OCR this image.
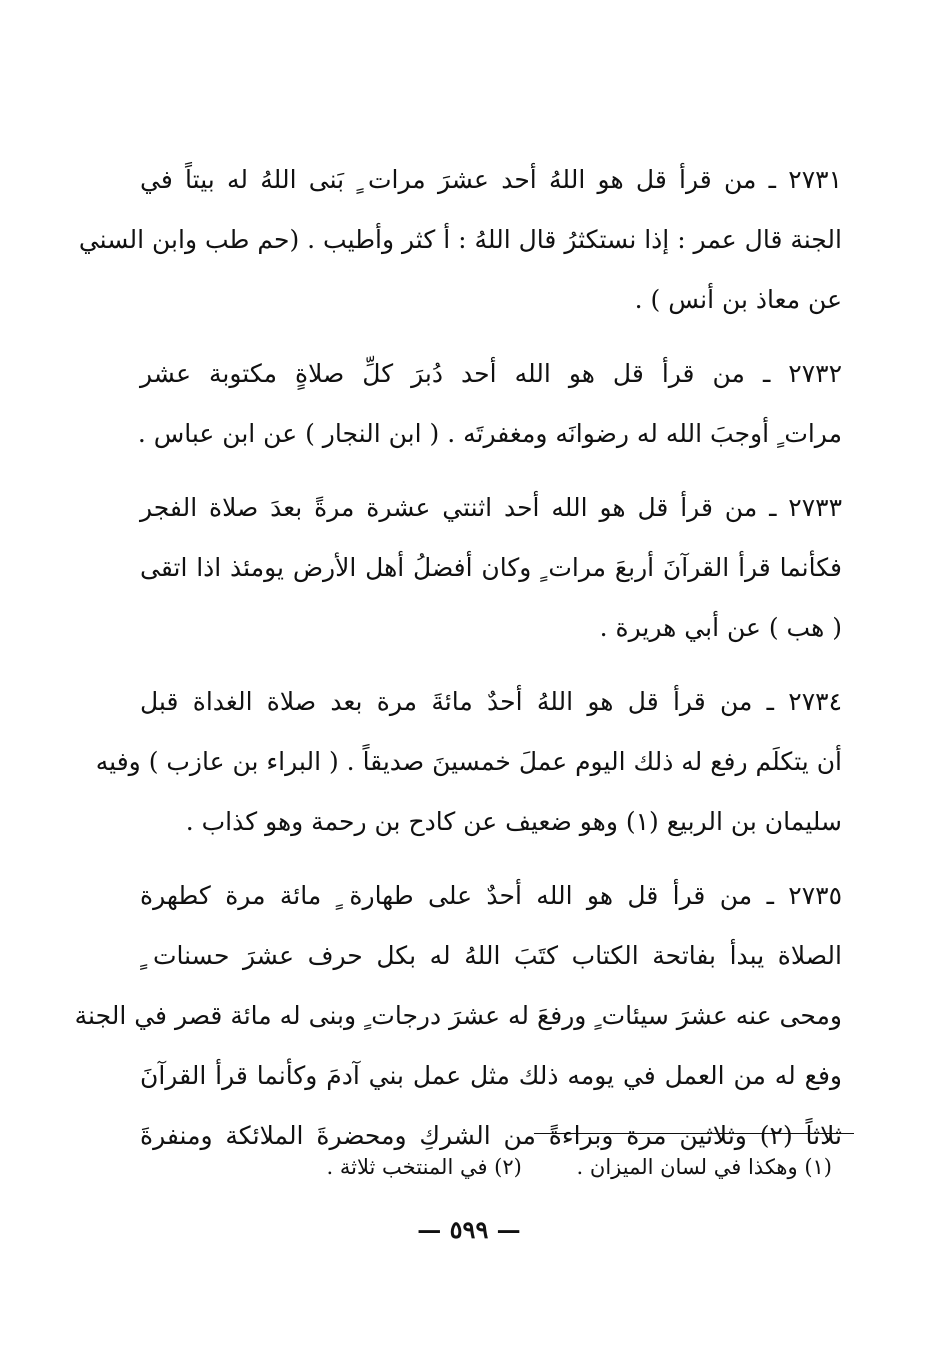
٢٧٣١ ـ من قرأ قل هو اللهُ أحد عشرَ مرات ٍ بَنى اللهُ له بيتاً في
الجنة قال عمر : إذا نستكثرُ قال اللهُ : أ كثر وأطيب . (حم طب وابن السني
عن معاذ بن أنس ) .
٢٧٣٢ ـ من قرأ قل هو الله أحد دُبرَ كلِّ صلاةٍ مكتوبة عشر
مرات ٍ أوجبَ الله له رضوانَه ومغفرتَه . ( ابن النجار ) عن ابن عباس .
٢٧٣٣ ـ من قرأ قل هو الله أحد اثنتي عشرة مرةً بعدَ صلاة الفجر
فكأنما قرأ القرآنَ أربعَ مرات ٍ وكان أفضلُ أهل الأرض يومئذ اذا اتقى
( هب ) عن أبي هريرة .
٢٧٣٤ ـ من قرأ قل هو اللهُ أحدٌ مائةَ مرة بعد صلاة الغداة قبل
أن يتكلَم رفع له ذلك اليوم عملَ خمسينَ صديقاً . ( البراء بن عازب ) وفيه
سليمان بن الربيع (١) وهو ضعيف عن كادح بن رحمة وهو كذاب .
٢٧٣٥ ـ من قرأ قل هو الله أحدٌ على طهارة ٍ مائة مرة كطهرة
الصلاة يبدأ بفاتحة الكتاب كتَبَ اللهُ له بكل حرف عشرَ حسنات ٍ
ومحى عنه عشرَ سيئات ٍ ورفعَ له عشرَ درجات ٍ وبنى له مائة قصر في الجنة
وفع له من العمل في يومه ذلك مثل عمل بني آدمَ وكأنما قرأ القرآنَ
ثلاثاً (٢) وثلاثين مرة وبراءةً من الشركِ ومحضرةَ الملائكة ومنفرةَ
(١) وهكذا في لسان الميزان . (٢) في المنتخب ثلاثة .
— ٥٩٩ —
